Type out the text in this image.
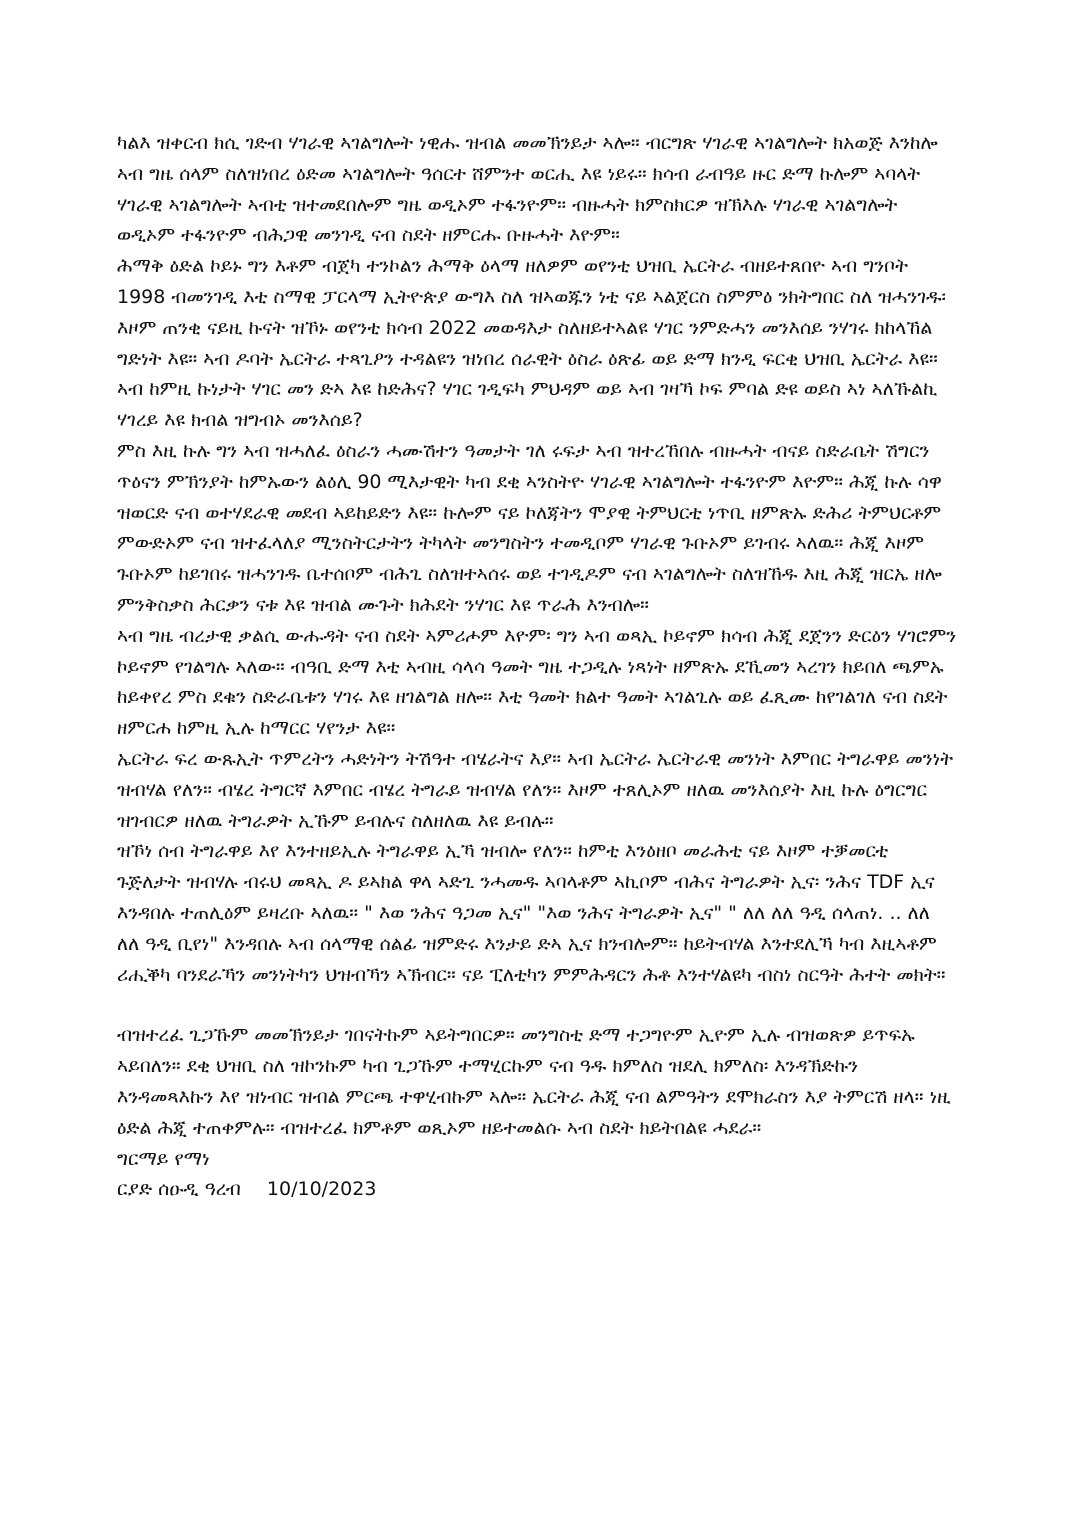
ካልእ ዝቀርብ ክሲ ገድብ ሃገራዊ ኣገልግሎት ነዊሑ ዝብል መመኽንይታ ኣሎ። ብርግጽ ሃገራዊ ኣገልግሎት ክአወጅ እንከሎ ኣብ ግዜ ሰላም ስለዝነበረ ዕድመ ኣገልግሎት ዓሰርተ ሸምንተ ወርሒ እዩ ነይሩ። ክሳብ ራብዓይ ዙር ድማ ኩሎም ኣባላት ሃገራዊ ኣገልግሎት ኣብቲ ዝተመደበሎም ግዜ ወዲኦም ተፋንዮም። ብዙሓት ክምስክርዎ ዝኽእሉ ሃገራዊ ኣገልግሎት ወዲኦም ተፋንዮም ብሕጋዊ መንገዲ ናብ ስደት ዘምርሑ ቡዙሓት እዮም።

ሕማቅ ዕድል ኮይኑ ግን እቶም ብጀካ ተንኮልን ሕማቅ ዕላማ ዘለዎም ወየንቲ ህዝቢ ኤርትራ ብዘይተጸበዮ ኣብ ግንቦት 1998 ብመንገዲ እቲ ስማዊ ፓርላማ ኢትዮጵያ ውግእ ስለ ዝኣወጁን ነቲ ናይ ኣልጀርስ ስምምዕ ንክትግበር ስለ ዝሓንገዱ፡ እዞም ጠንቂ ናይዚ ኩናት ዝኾኑ ወየንቲ ክሳብ 2022 መወዳእታ ስለዘይተኣልዩ ሃገር ንምድሓን መንእሰይ ንሃገሩ ክከላኸል ግድነት እዩ። ኣብ ዶባት ኤርትራ ተጻጊዖን ተዳልዩን ዝነበረ ሰራዊት ዕስራ ዕጽፊ ወይ ድማ ክንዲ ፍርቂ ህዝቢ ኤርትራ እዩ። ኣብ ከምዚ ኩነታት ሃገር መን ድኣ እዩ ከድሕና? ሃገር ገዲፍካ ምህዳም ወይ ኣብ ገዛኻ ኮፍ ምባል ድዩ ወይስ ኣነ ኣለኹልኪ ሃገረይ እዩ ክብል ዝግብኦ መንእሰይ?

ምስ እዚ ኩሉ ግን ኣብ ዝሓለፈ ዕስራን ሓሙሽተን ዓመታት ገለ ሩፍታ ኣብ ዝተረኸበሉ ብዙሓት ብናይ ስድራቤት ሽግርን ጥዕናን ምኽንያት ከምኡውን ልዕሊ 90 ሚእታዊት ካብ ደቂ ኣንስትዮ ሃገራዊ ኣገልግሎት ተፋንዮም እዮም። ሕጂ ኩሉ ሳዋ ዝወርድ ናብ ወተሃደራዊ መደብ ኣይከይድን እዩ። ኩሎም ናይ ኮለጃትን ሞያዊ ትምህርቲ ነጥቢ ዘምጽኡ ድሕሪ ትምህርቶም ምውድኦም ናብ ዝተፈላለያ ሚንስትርታትን ትካላት መንግስትን ተመዲቦም ሃገራዊ ጉቡኦም ይገብሩ ኣለዉ። ሕጂ እዞም ጉቡኦም ከይገበሩ ዝሓንገዱ ቤተሰቦም ብሕጊ ስለዝተኣሰሩ ወይ ተገዲዶም ናብ ኣገልግሎት ስለዝኸዱ እዚ ሕጂ ዝርኤ ዘሎ ምንቅስቃስ ሕርቃን ናቱ እዩ ዝብል ሙጉት ክሕደት ንሃገር እዩ ጥራሕ እንብሎ።

ኣብ ግዜ ብረታዊ ቃልሲ ውሑዳት ናብ ስደት ኣምሪሖም እዮም፡ ግን ኣብ ወጻኢ ኮይኖም ክሳብ ሕጂ ደጀንን ድርዕን ሃገሮምን ኮይኖም የገልግሉ ኣለው። ብዓቢ ድማ እቲ ኣብዚ ሳላሳ ዓመት ግዜ ተጋዲሉ ነጻነት ዘምጽኡ ደኺመን ኣረገን ክይበለ ጫምኡ ከይቀየረ ምስ ደቁን ስድራቤቱን ሃገሩ እዩ ዘገልግል ዘሎ። እቲ ዓመት ክልተ ዓመት ኣገልጊሉ ወይ ፈጺሙ ከየገልገለ ናብ ስደት ዘምርሐ ከምዚ ኢሉ ከማርር ሃየንታ እዩ።

ኤርትራ ፍረ ውጹኢት ጥምረትን ሓድነትን ትሽዓተ ብሄራትና እያ። ኣብ ኤርትራ ኤርትራዊ መንነት እምበር ትግራዋይ መንነት ዝብሃል የለን። ብሄረ ትግርኛ እምበር ብሄረ ትግራይ ዝብሃል የለን። እዞም ተጸሊኦም ዘለዉ መንእሰያት እዚ ኩሉ ዕግርግር ዝገብርዎ ዘለዉ ትግራዎት ኢኹም ይብሉና ስለዘለዉ እዩ ይብሉ።

ዝኾነ ሰብ ትግራዋይ እየ እንተዘይኢሉ ትግራዋይ ኢኻ ዝብሎ የለን። ከምቲ እንዕዘቦ መራሕቲ ናይ እዞም ተቓመርቲ ጉጅለታት ዝብሃሉ ብሩህ መጻኢ ዶ ይኣክል ዋላ ኣድጊ ንሓመዱ ኣባላቶም ኣኪቦም ብሕና ትግራዎት ኢና፡ ንሕና TDF ኢና እንዳበሉ ተጠሊዕም ይዛረቡ ኣለዉ። " እወ ንሕና ዓጋመ ኢና" "እወ ንሕና ትግራዎት ኢና" " ለለ ለለ ዓዲ ሰላጠነ. .. ለለ ለለ ዓዲ ቢየነ" እንዳበሉ ኣብ ሰላማዊ ሰልፊ ዝምድሩ እንታይ ድኣ ኢና ክንብሎም። ከይትብሃል እንተደሊኻ ካብ እዚኣቶም ሪሒቕካ ባንደራኻን መንነትካን ህዝብኻን ኣኽብር። ናይ ፒለቲካን ምምሕዳርን ሕቶ እንተሃልዩካ ብስነ ስርዓት ሕተት መክት።

ብዝተረፈ ጊጋኹም መመኽንይታ ገበናትኩም ኣይትግበርዎ። መንግስቲ ድማ ተጋግዮም ኢዮም ኢሉ ብዝወጽዎ ይጥፍኡ ኣይበለን። ደቂ ህዝቢ ስለ ዝኮንኩም ካብ ጊጋኹም ተማሂርኩም ናብ ዓዱ ክምለስ ዝደሊ ክምለስ፡ እንዳኽድኩን እንዳመጻእኩን እየ ዝነብር ዝብል ምርጫ ተዋሂብኩም ኣሎ። ኤርትራ ሕጂ ናብ ልምዓትን ደሞክራስን እያ ትምርሽ ዘላ። ነዚ ዕድል ሕጂ ተጠቀምሉ። ብዝተረፈ ክምቶም ወጺኦም ዘይተመልሱ ኣብ ስደት ክይትበልዩ ሓደራ።

ግርማይ የማነ

ርያድ ሰዑዲ ዓረብ 10/10/2023
